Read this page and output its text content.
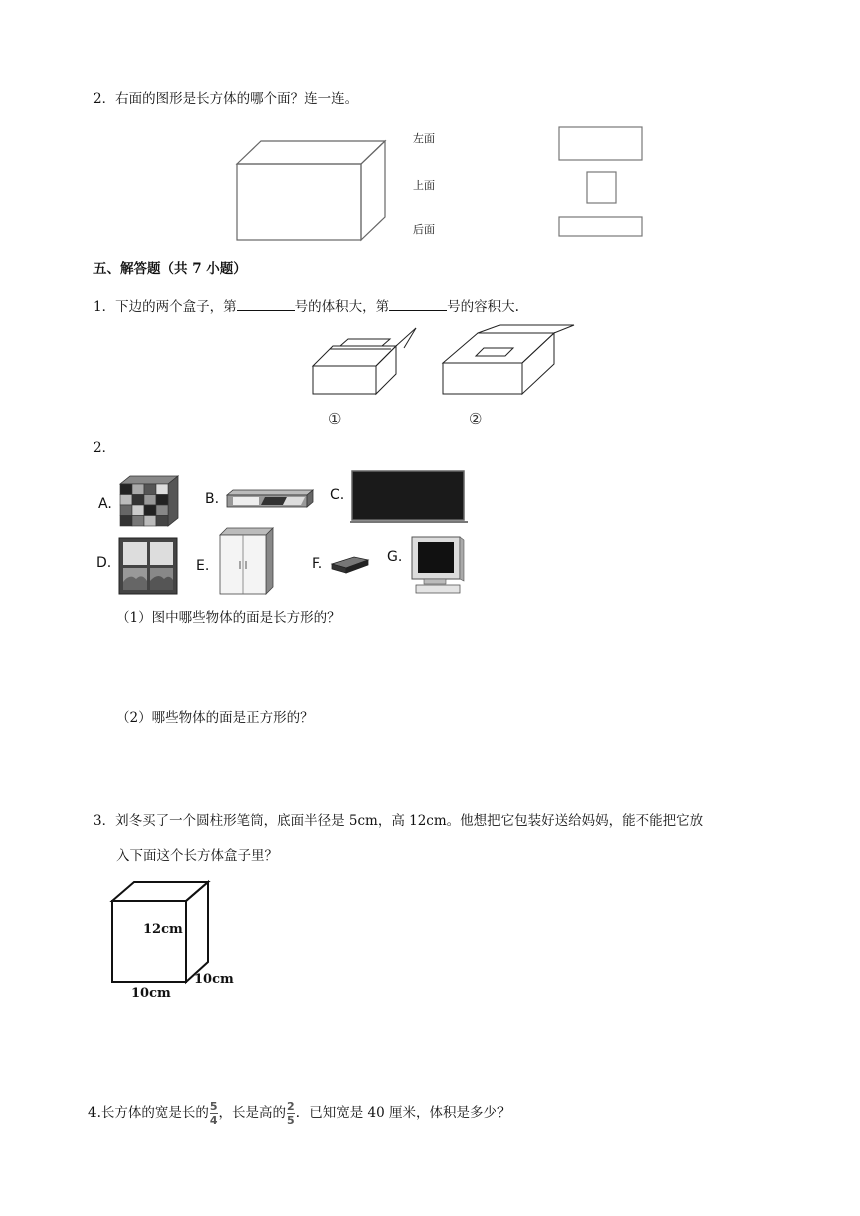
2．右面的图形是长方体的哪个面？连一连。
左面
上面
后面
五、解答题（共 7 小题）
1．下边的两个盒子，第	号的体积大，第	号的容积大.
①	②
2．
A.	B.	C.
D.	E.	F.	G.
（1）图中哪些物体的面是长方形的？
（2）哪些物体的面是正方形的？
3．刘冬买了一个圆柱形笔筒，底面半径是 5cm，高 12cm。他想把它包装好送给妈妈，能不能把它放
入下面这个长方体盒子里？
12cm
10cm
10cm
4.长方体的宽是长的 $\frac{5}{4}$ ，长是高的 $\frac{2}{5}$ ．已知宽是 40 厘米，体积是多少？
